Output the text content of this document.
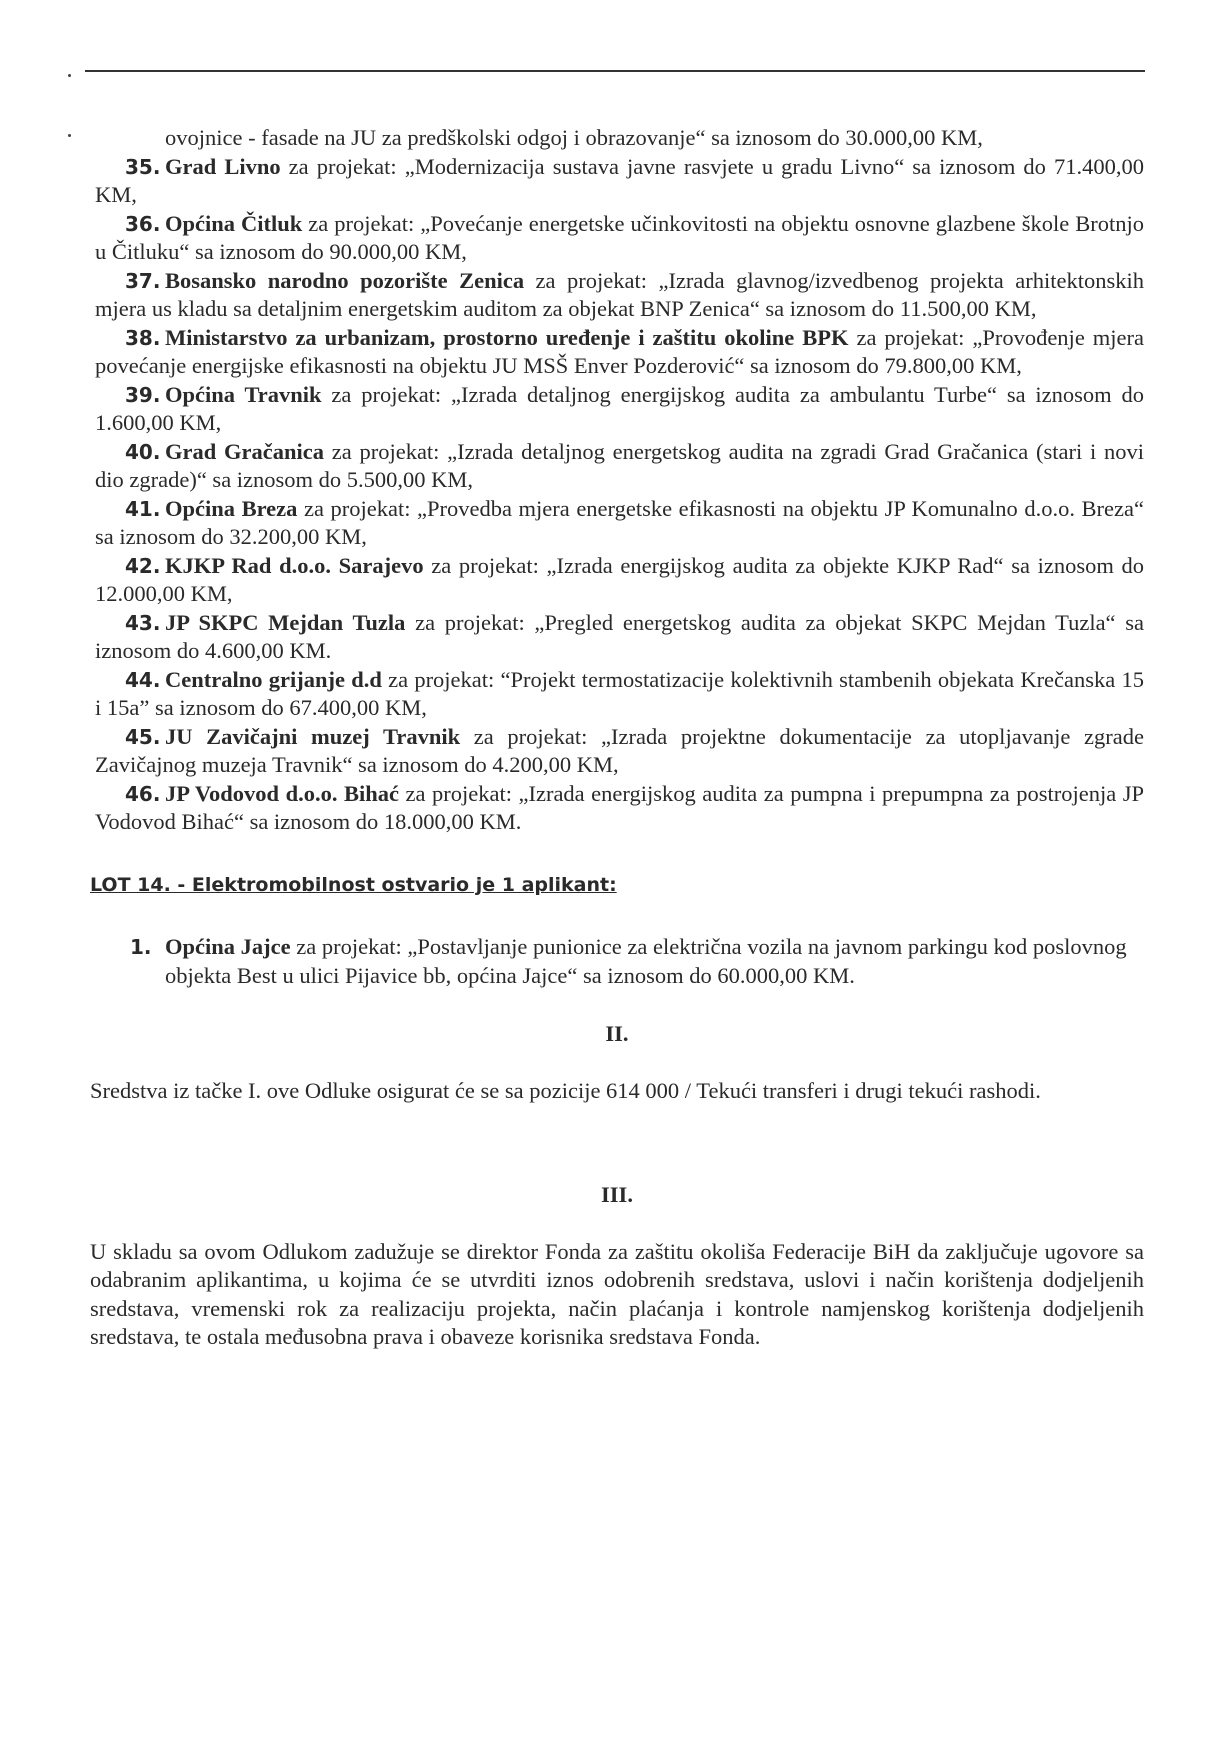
ovojnice - fasade na JU za predškolski odgoj i obrazovanje“ sa iznosom do 30.000,00 KM,
35. Grad Livno za projekat: „Modernizacija sustava javne rasvjete u gradu Livno“ sa iznosom do 71.400,00 KM,
36. Općina Čitluk za projekat: „Povećanje energetske učinkovitosti na objektu osnovne glazbene škole Brotnjo u Čitluku“ sa iznosom do 90.000,00 KM,
37. Bosansko narodno pozorište Zenica za projekat: „Izrada glavnog/izvedbenog projekta arhitektonskih mjera us kladu sa detaljnim energetskim auditom za objekat BNP Zenica“ sa iznosom do 11.500,00 KM,
38. Ministarstvo za urbanizam, prostorno uređenje i zaštitu okoline BPK za projekat: „Provođenje mjera povećanje energijske efikasnosti na objektu JU MSŠ Enver Pozderović“ sa iznosom do 79.800,00 KM,
39. Općina Travnik za projekat: „Izrada detaljnog energijskog audita za ambulantu Turbe“ sa iznosom do 1.600,00 KM,
40. Grad Gračanica za projekat: „Izrada detaljnog energetskog audita na zgradi Grad Gračanica (stari i novi dio zgrade)“ sa iznosom do 5.500,00 KM,
41. Općina Breza za projekat: „Provedba mjera energetske efikasnosti na objektu JP Komunalno d.o.o. Breza“ sa iznosom do 32.200,00 KM,
42. KJKP Rad d.o.o. Sarajevo za projekat: „Izrada energijskog audita za objekte KJKP Rad“ sa iznosom do 12.000,00 KM,
43. JP SKPC Mejdan Tuzla za projekat: „Pregled energetskog audita za objekat SKPC Mejdan Tuzla“ sa iznosom do 4.600,00 KM.
44. Centralno grijanje d.d za projekat: “Projekt termostatizacije kolektivnih stambenih objekata Krečanska 15 i 15a” sa iznosom do 67.400,00 KM,
45. JU Zavičajni muzej Travnik za projekat: „Izrada projektne dokumentacije za utopljavanje zgrade Zavičajnog muzeja Travnik“ sa iznosom do 4.200,00 KM,
46. JP Vodovod d.o.o. Bihać za projekat: „Izrada energijskog audita za pumpna i prepumpna za postrojenja JP Vodovod Bihać“ sa iznosom do 18.000,00 KM.
LOT 14. - Elektromobilnost ostvario je 1 aplikant:
1. Općina Jajce za projekat: „Postavljanje punionice za električna vozila na javnom parkingu kod poslovnog objekta Best u ulici Pijavice bb, općina Jajce“ sa iznosom do 60.000,00 KM.
II.
Sredstva iz tačke I. ove Odluke osigurat će se sa pozicije 614 000 / Tekući transferi i drugi tekući rashodi.
III.
U skladu sa ovom Odlukom zadužuje se direktor Fonda za zaštitu okoliša Federacije BiH da zaključuje ugovore sa odabranim aplikantima, u kojima će se utvrditi iznos odobrenih sredstava, uslovi i način korištenja dodjeljenih sredstava, vremenski rok za realizaciju projekta, način plaćanja i kontrole namjenskog korištenja dodjeljenih sredstava, te ostala međusobna prava i obaveze korisnika sredstava Fonda.
